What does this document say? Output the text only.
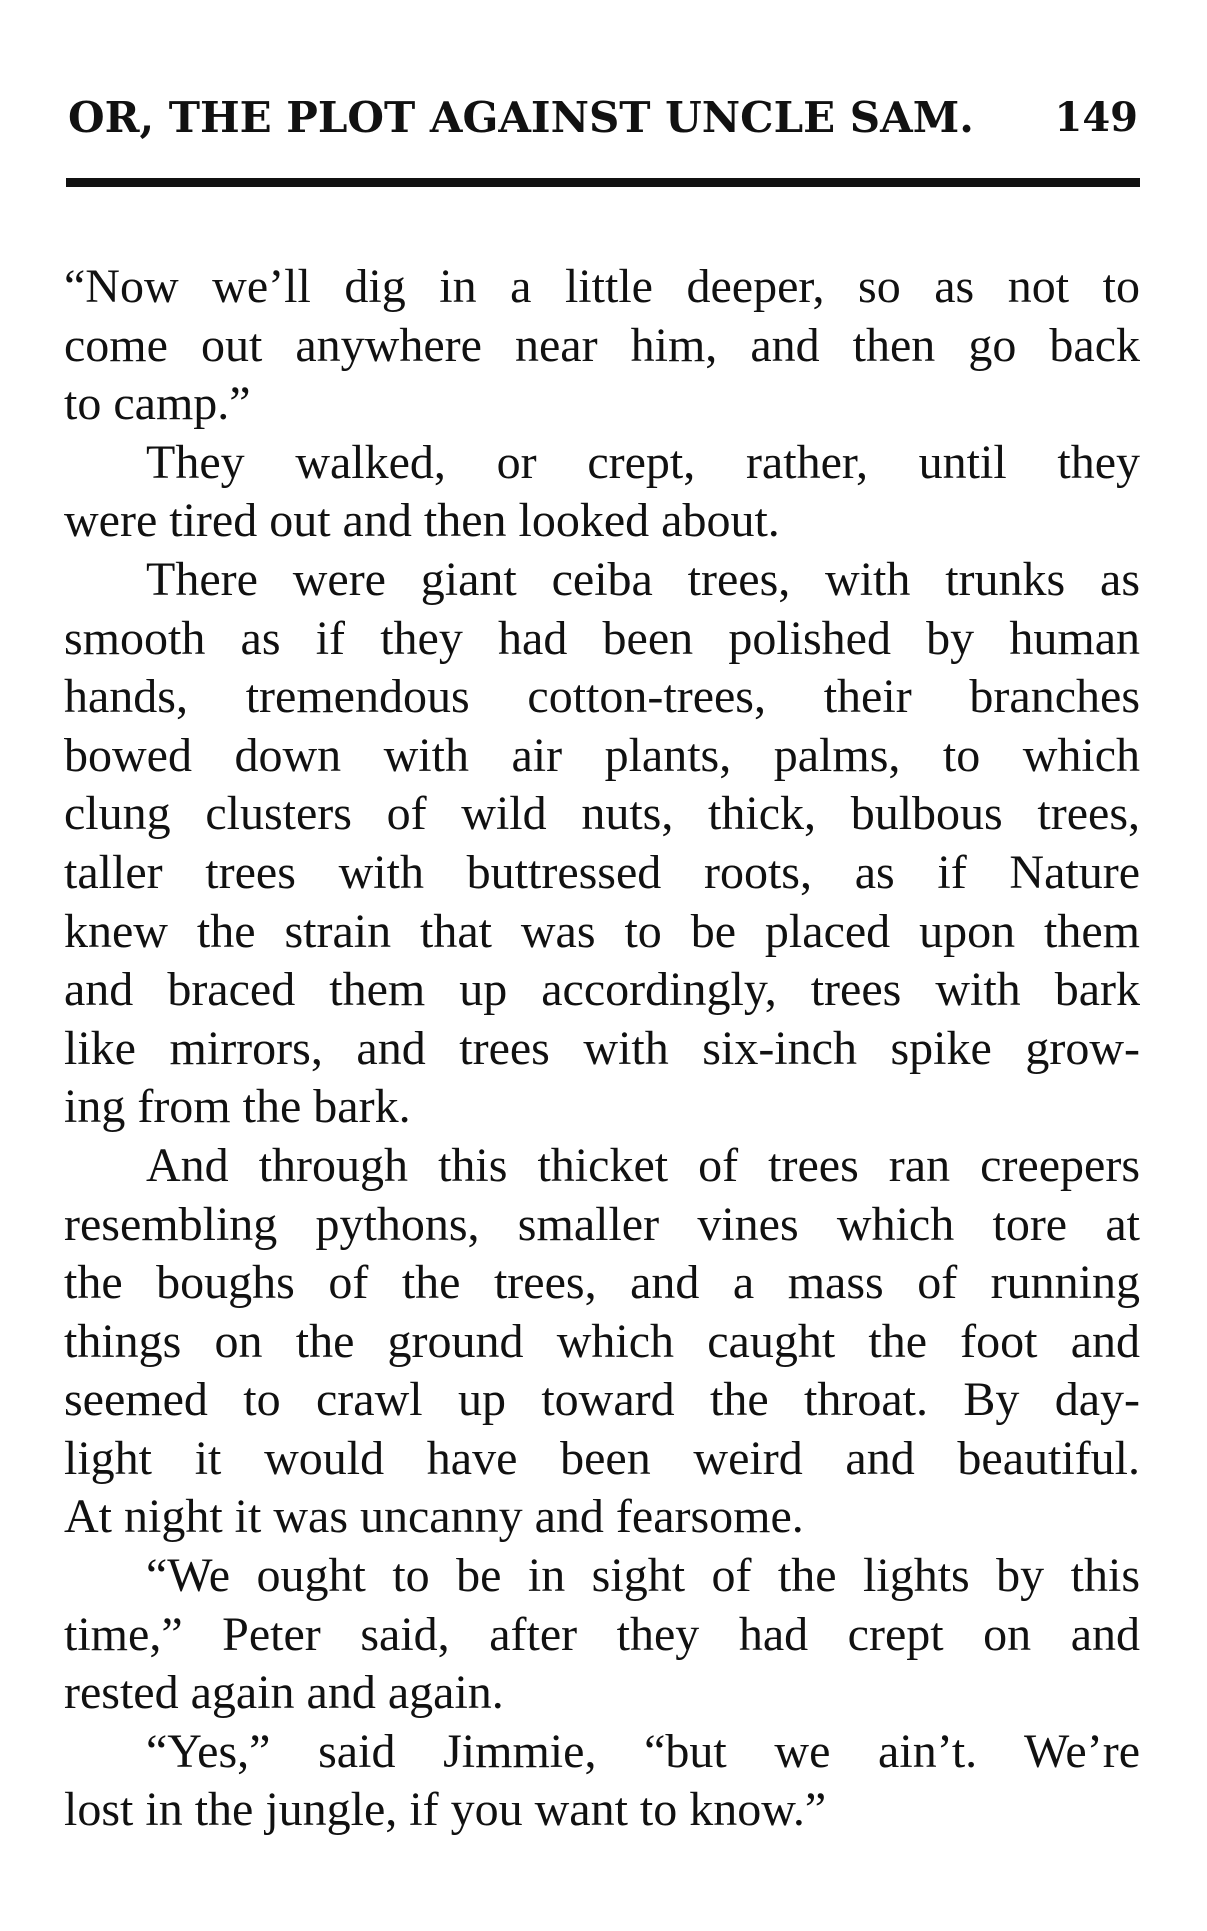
OR, THE PLOT AGAINST UNCLE SAM. 149
“Now we’ll dig in a little deeper, so as not to
come out anywhere near him, and then go back
to camp.”
They walked, or crept, rather, until they
were tired out and then looked about.
There were giant ceiba trees, with trunks as
smooth as if they had been polished by human
hands, tremendous cotton-trees, their branches
bowed down with air plants, palms, to which
clung clusters of wild nuts, thick, bulbous trees,
taller trees with buttressed roots, as if Nature
knew the strain that was to be placed upon them
and braced them up accordingly, trees with bark
like mirrors, and trees with six-inch spike grow-
ing from the bark.
And through this thicket of trees ran creepers
resembling pythons, smaller vines which tore at
the boughs of the trees, and a mass of running
things on the ground which caught the foot and
seemed to crawl up toward the throat. By day-
light it would have been weird and beautiful.
At night it was uncanny and fearsome.
“We ought to be in sight of the lights by this
time,” Peter said, after they had crept on and
rested again and again.
“Yes,” said Jimmie, “but we ain’t. We’re
lost in the jungle, if you want to know.”
